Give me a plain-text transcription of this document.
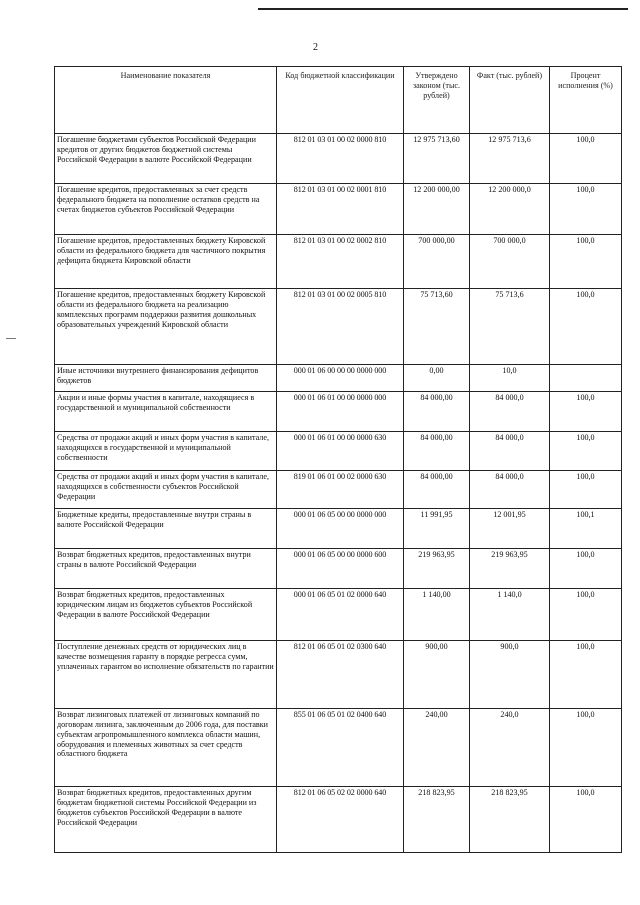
2
Наименование показателя	Код бюджетной классификации	Утверждено законом (тыс. рублей)	Факт (тыс. рублей)	Процент исполнения (%)
Погашение бюджетами субъектов Российской Федерации кредитов от других бюджетов бюджетной системы Российской Федерации в валюте Российской Федерации	812 01 03 01 00 02 0000 810	12 975 713,60	12 975 713,6	100,0
Погашение кредитов, предоставленных за счет средств федерального бюджета на пополнение остатков средств на счетах бюджетов субъектов Российской Федерации	812 01 03 01 00 02 0001 810	12 200 000,00	12 200 000,0	100,0
Погашение кредитов, предоставленных бюджету Кировской области из федерального бюджета для частичного покрытия дефицита бюджета Кировской области	812 01 03 01 00 02 0002 810	700 000,00	700 000,0	100,0
Погашение кредитов, предоставленных бюджету Кировской области из федерального бюджета на реализацию комплексных программ поддержки развития дошкольных образовательных учреждений Кировской области	812 01 03 01 00 02 0005 810	75 713,60	75 713,6	100,0
Иные источники внутреннего финансирования дефицитов бюджетов	000 01 06 00 00 00 0000 000	0,00	10,0	
Акции и иные формы участия в капитале, находящиеся в государственной и муниципальной собственности	000 01 06 01 00 00 0000 000	84 000,00	84 000,0	100,0
Средства от продажи акций и иных форм участия в капитале, находящихся в государственной и муниципальной собственности	000 01 06 01 00 00 0000 630	84 000,00	84 000,0	100,0
Средства от продажи акций и иных форм участия в капитале, находящихся в собственности субъектов Российской Федерации	819 01 06 01 00 02 0000 630	84 000,00	84 000,0	100,0
Бюджетные кредиты, предоставленные внутри страны в валюте Российской Федерации	000 01 06 05 00 00 0000 000	11 991,95	12 001,95	100,1
Возврат бюджетных кредитов, предоставленных внутри страны в валюте Российской Федерации	000 01 06 05 00 00 0000 600	219 963,95	219 963,95	100,0
Возврат бюджетных кредитов, предоставленных юридическим лицам из бюджетов субъектов Российской Федерации в валюте Российской Федерации	000 01 06 05 01 02 0000 640	1 140,00	1 140,0	100,0
Поступление денежных средств от юридических лиц в качестве возмещения гаранту в порядке регресса сумм, уплаченных гарантом во исполнение обязательств по гарантии	812 01 06 05 01 02 0300 640	900,00	900,0	100,0
Возврат лизинговых платежей от лизинговых компаний по договорам лизинга, заключенным до 2006 года, для поставки субъектам агропромышленного комплекса области машин, оборудования и племенных животных за счет средств областного бюджета	855 01 06 05 01 02 0400 640	240,00	240,0	100,0
Возврат бюджетных кредитов, предоставленных другим бюджетам бюджетной системы Российской Федерации из бюджетов субъектов Российской Федерации в валюте Российской Федерации	812 01 06 05 02 02 0000 640	218 823,95	218 823,95	100,0
